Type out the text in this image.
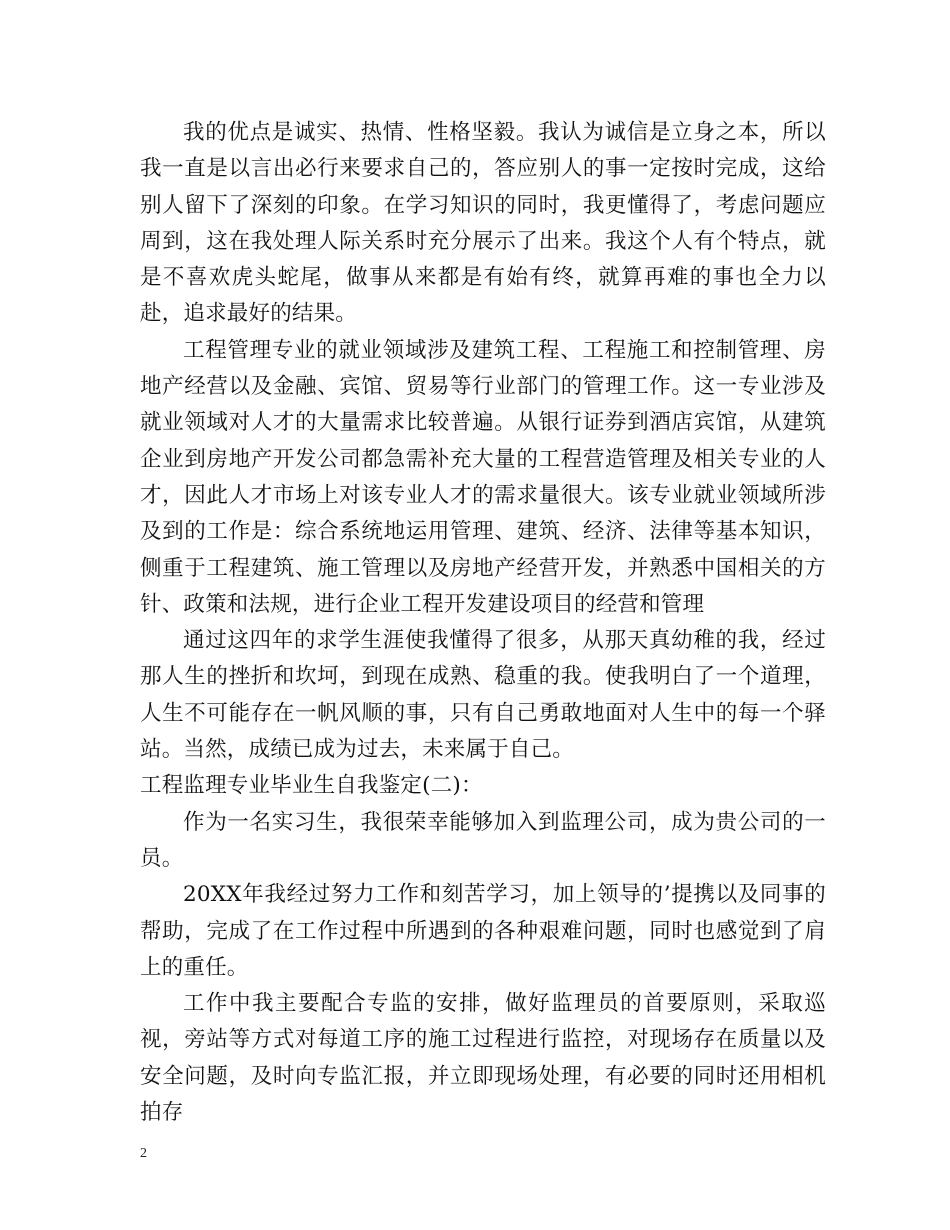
我的优点是诚实、热情、性格坚毅。我认为诚信是立身之本，所以我一直是以言出必行来要求自己的，答应别人的事一定按时完成，这给别人留下了深刻的印象。在学习知识的同时，我更懂得了，考虑问题应周到，这在我处理人际关系时充分展示了出来。我这个人有个特点，就是不喜欢虎头蛇尾，做事从来都是有始有终，就算再难的事也全力以赴，追求最好的结果。

工程管理专业的就业领域涉及建筑工程、工程施工和控制管理、房地产经营以及金融、宾馆、贸易等行业部门的管理工作。这一专业涉及就业领域对人才的大量需求比较普遍。从银行证券到酒店宾馆，从建筑企业到房地产开发公司都急需补充大量的工程营造管理及相关专业的人才，因此人才市场上对该专业人才的需求量很大。该专业就业领域所涉及到的工作是：综合系统地运用管理、建筑、经济、法律等基本知识，侧重于工程建筑、施工管理以及房地产经营开发，并熟悉中国相关的方针、政策和法规，进行企业工程开发建设项目的经营和管理

通过这四年的求学生涯使我懂得了很多，从那天真幼稚的我，经过那人生的挫折和坎坷，到现在成熟、稳重的我。使我明白了一个道理，人生不可能存在一帆风顺的事，只有自己勇敢地面对人生中的每一个驿站。当然，成绩已成为过去，未来属于自己。

工程监理专业毕业生自我鉴定(二)：

作为一名实习生，我很荣幸能够加入到监理公司，成为贵公司的一员。

20XX年我经过努力工作和刻苦学习，加上领导的’提携以及同事的帮助，完成了在工作过程中所遇到的各种艰难问题，同时也感觉到了肩上的重任。

工作中我主要配合专监的安排，做好监理员的首要原则，采取巡视，旁站等方式对每道工序的施工过程进行监控，对现场存在质量以及安全问题，及时向专监汇报，并立即现场处理，有必要的同时还用相机拍存

2
